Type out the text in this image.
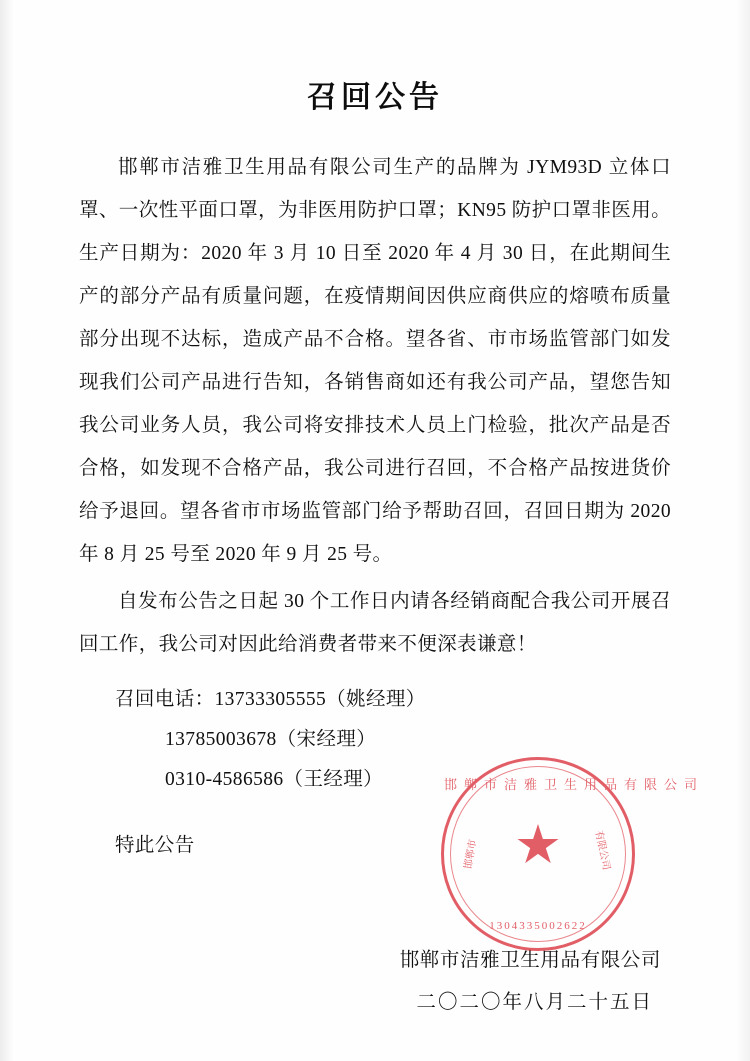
召回公告

邯郸市洁雅卫生用品有限公司生产的品牌为 JYM93D 立体口罩、一次性平面口罩，为非医用防护口罩；KN95 防护口罩非医用。生产日期为：2020 年 3 月 10 日至 2020 年 4 月 30 日，在此期间生产的部分产品有质量问题，在疫情期间因供应商供应的熔喷布质量部分出现不达标，造成产品不合格。望各省、市市场监管部门如发现我们公司产品进行告知，各销售商如还有我公司产品，望您告知我公司业务人员，我公司将安排技术人员上门检验，批次产品是否合格，如发现不合格产品，我公司进行召回，不合格产品按进货价给予退回。望各省市市场监管部门给予帮助召回，召回日期为 2020 年 8 月 25 号至 2020 年 9 月 25 号。

自发布公告之日起 30 个工作日内请各经销商配合我公司开展召回工作，我公司对因此给消费者带来不便深表谦意！

召回电话：13733305555（姚经理）
13785003678（宋经理）
0310-4586586（王经理）
特此公告
邯郸市洁雅卫生用品有限公司
二〇二〇年八月二十五日
邯郸市洁雅卫生用品有限公司
★
邯郸市	有限公司
1304335002622
